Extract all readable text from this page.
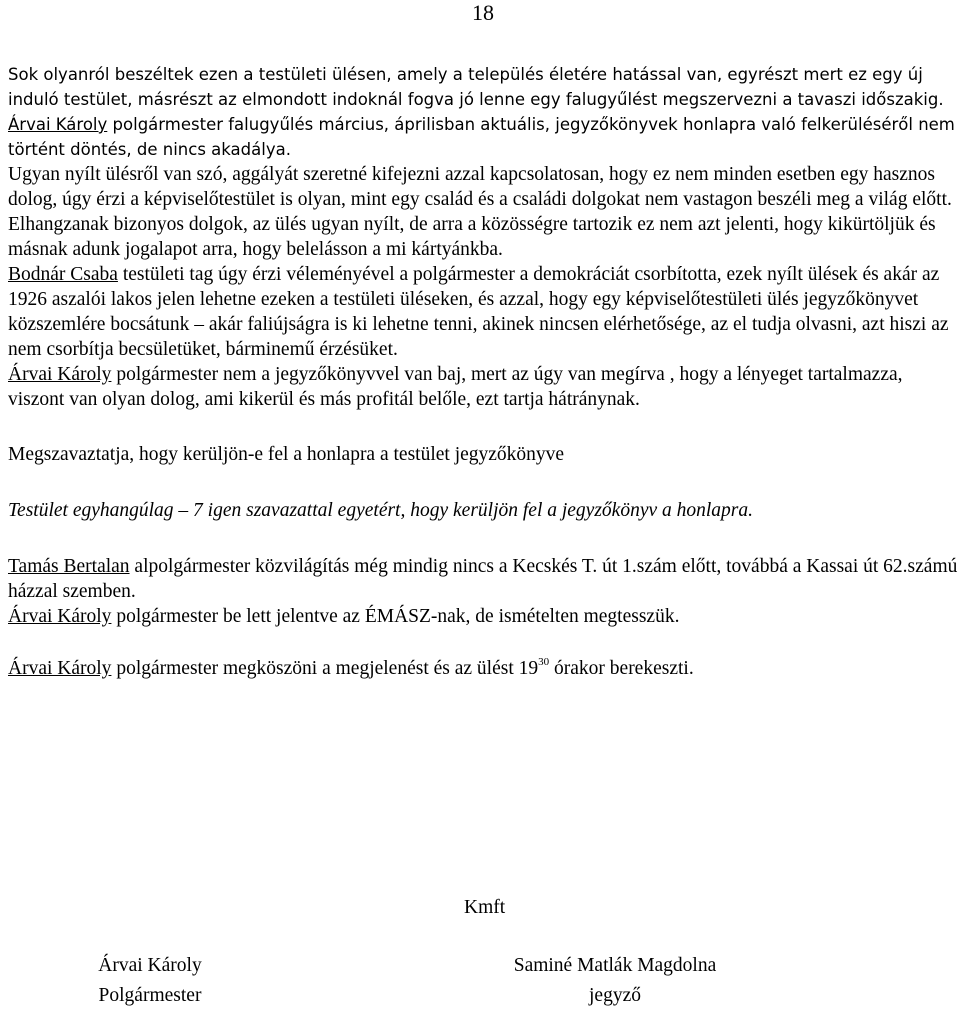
18

Sok olyanról beszéltek ezen a testületi ülésen, amely a település életére hatással van, egyrészt mert ez egy új induló testület, másrészt az elmondott indoknál fogva jó lenne egy falugyűlést megszervezni a tavaszi időszakig.

Árvai Károly polgármester falugyűlés március, áprilisban aktuális, jegyzőkönyvek honlapra való felkerüléséről nem történt döntés, de nincs akadálya.

Ugyan nyílt ülésről van szó, aggályát szeretné kifejezni azzal kapcsolatosan, hogy ez nem minden esetben egy hasznos dolog, úgy érzi a képviselőtestület is olyan, mint egy család és a családi dolgokat nem vastagon beszéli meg a világ előtt. Elhangzanak bizonyos dolgok, az ülés ugyan nyílt, de arra a közösségre tartozik ez nem azt jelenti, hogy kikürtöljük és másnak adunk jogalapot arra, hogy belelásson a mi kártyánkba.

Bodnár Csaba testületi tag úgy érzi véleményével a polgármester a demokráciát csorbította, ezek nyílt ülések és akár az 1926 aszalói lakos jelen lehetne ezeken a testületi üléseken, és azzal, hogy egy képviselőtestületi ülés jegyzőkönyvet közszemlére bocsátunk – akár faliújságra is ki lehetne tenni, akinek nincsen elérhetősége, az el tudja olvasni, azt hiszi az nem csorbítja becsületüket, bárminemű érzésüket.

Árvai Károly polgármester nem a jegyzőkönyvvel van baj, mert az úgy van megírva , hogy a lényeget tartalmazza, viszont van olyan dolog, ami kikerül és más profitál belőle, ezt tartja hátránynak.

Megszavaztatja, hogy kerüljön-e fel a honlapra a testület jegyzőkönyve

Testület egyhangúlag – 7 igen szavazattal egyetért, hogy kerüljön fel a jegyzőkönyv a honlapra.

Tamás Bertalan alpolgármester közvilágítás még mindig nincs a Kecskés T. út 1.szám előtt, továbbá a Kassai út 62.számú házzal szemben.

Árvai Károly polgármester be lett jelentve az ÉMÁSZ-nak, de ismételten megtesszük.

Árvai Károly polgármester megköszöni a megjelenést és az ülést $19^{30}$ órakor berekeszti.

Kmft
Árvai Károly
Polgármester
Saminé Matlák Magdolna
jegyző
